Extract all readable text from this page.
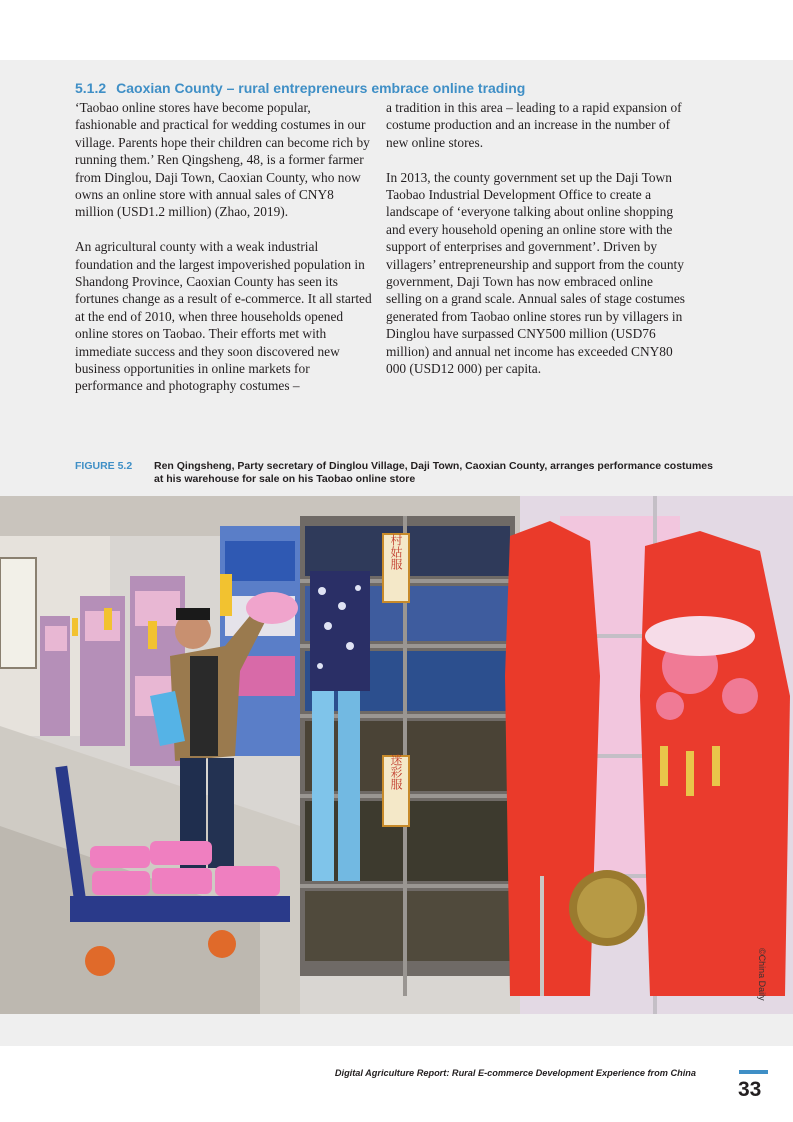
5.1.2 Caoxian County – rural entrepreneurs embrace online trading

‘Taobao online stores have become popular, fashionable and practical for wedding costumes in our village. Parents hope their children can become rich by running them.’ Ren Qingsheng, 48, is a former farmer from Dinglou, Daji Town, Caoxian County, who now owns an online store with annual sales of CNY8 million (USD1.2 million) (Zhao, 2019).

An agricultural county with a weak industrial foundation and the largest impoverished population in Shandong Province, Caoxian County has seen its fortunes change as a result of e-commerce. It all started at the end of 2010, when three households opened online stores on Taobao. Their efforts met with immediate success and they soon discovered new business opportunities in online markets for performance and photography costumes –

a tradition in this area – leading to a rapid expansion of costume production and an increase in the number of new online stores.

In 2013, the county government set up the Daji Town Taobao Industrial Development Office to create a landscape of ‘everyone talking about online shopping and every household opening an online store with the support of enterprises and government’. Driven by villagers’ entrepreneurship and support from the county government, Daji Town has now embraced online selling on a grand scale. Annual sales of stage costumes generated from Taobao online stores run by villagers in Dinglou have surpassed CNY500 million (USD76 million) and annual net income has exceeded CNY80 000 (USD12 000) per capita.

FIGURE 5.2 Ren Qingsheng, Party secretary of Dinglou Village, Daji Town, Caoxian County, arranges performance costumes at his warehouse for sale on his Taobao online store
村姑服
迷彩服
©China Daily
Digital Agriculture Report: Rural E-commerce Development Experience from China
33
